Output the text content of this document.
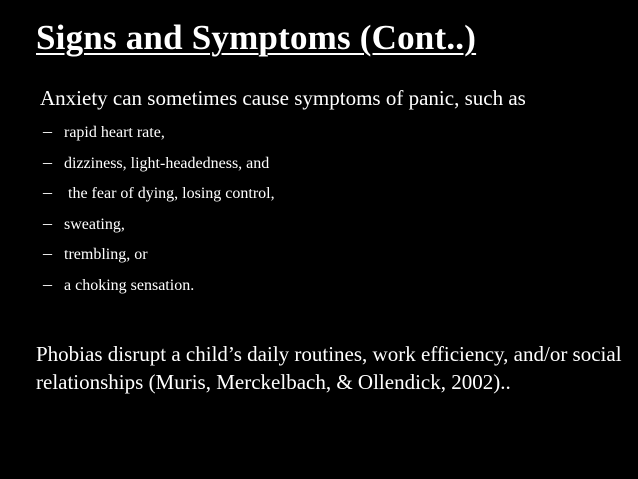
Signs and Symptoms (Cont..)
Anxiety can sometimes cause symptoms of panic, such as
– rapid heart rate,
– dizziness, light-headedness, and
– the fear of dying, losing control,
– sweating,
– trembling, or
– a choking sensation.
Phobias disrupt a child’s daily routines, work efficiency, and/or social relationships (Muris, Merckelbach, & Ollendick, 2002)..
